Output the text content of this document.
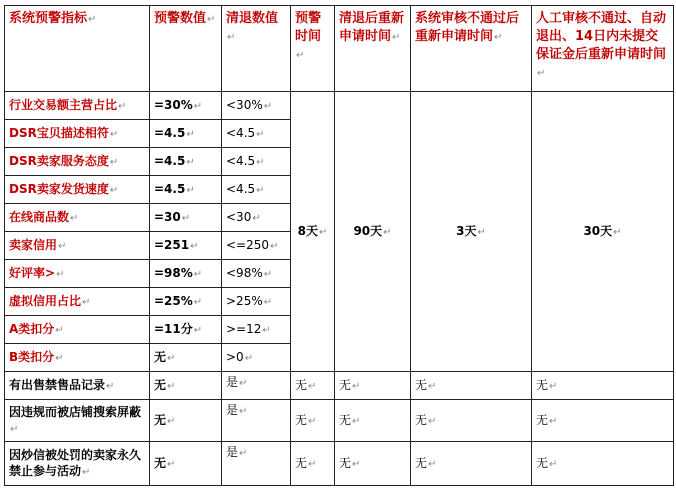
系统预警指标↵	预警数值↵	清退数值↵	预警时间↵	清退后重新申请时间↵	系统审核不通过后重新申请时间↵	人工审核不通过、自动退出、14日内未提交保证金后重新申请时间↵
行业交易额主营占比↵	=30%↵	<30%↵	8天↵	90天↵	3天↵	30天↵
DSR宝贝描述相符↵	=4.5↵	<4.5↵				
DSR卖家服务态度↵	=4.5↵	<4.5↵				
DSR卖家发货速度↵	=4.5↵	<4.5↵				
在线商品数↵	=30↵	<30↵				
卖家信用↵	=251↵	<=250↵				
好评率>↵	=98%↵	<98%↵				
虚拟信用占比↵	=25%↵	>25%↵				
A类扣分↵	=11分↵	>=12↵				
B类扣分↵	无↵	>0↵				
有出售禁售品记录↵	无↵	是↵	无↵	无↵	无↵	无↵
因违规而被店铺搜索屏蔽↵	无↵	是↵	无↵	无↵	无↵	无↵
因炒信被处罚的卖家永久禁止参与活动↵	无↵	是↵	无↵	无↵	无↵	无↵
